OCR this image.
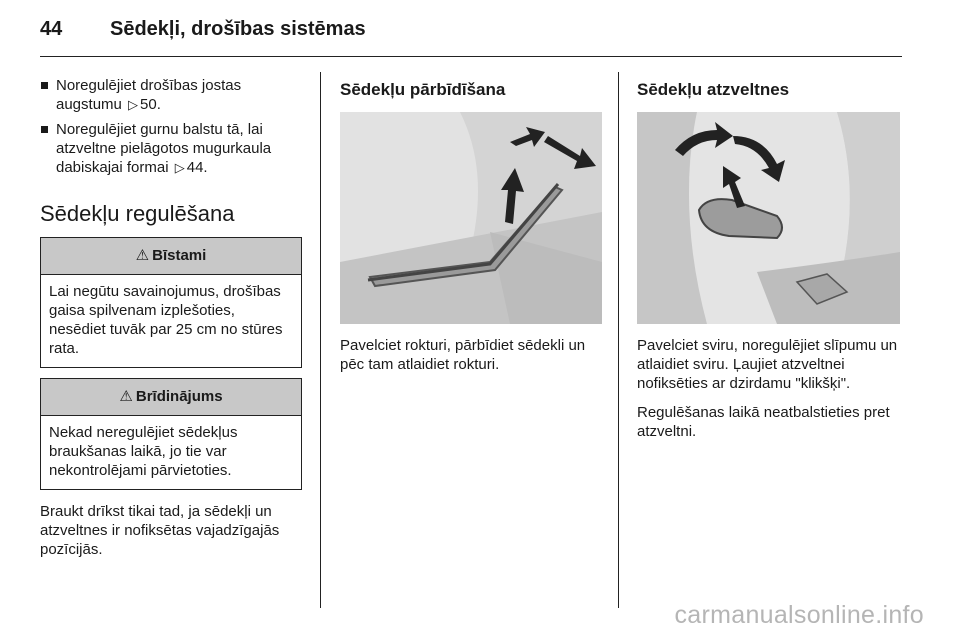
44 Sēdekļi, drošības sistēmas
Noregulējiet drošības jostas augstumu ▷ 50.
Noregulējiet gurnu balstu tā, lai atzveltne pielāgotos mugurkaula dabiskajai formai ▷ 44.
Sēdekļu regulēšana
⚠ Bīstami
Lai negūtu savainojumus, drošības gaisa spilvenam izplešoties, nesēdiet tuvāk par 25 cm no stūres rata.
⚠ Brīdinājums
Nekad neregulējiet sēdekļus braukšanas laikā, jo tie var nekontrolējami pārvietoties.

Braukt drīkst tikai tad, ja sēdekļi un atzveltnes ir nofiksētas vajadzīgajās pozīcijās.

Sēdekļu pārbīdīšana

Pavelciet rokturi, pārbīdiet sēdekli un pēc tam atlaidiet rokturi.

Sēdekļu atzveltnes

Pavelciet sviru, noregulējiet slīpumu un atlaidiet sviru. Ļaujiet atzveltnei nofiksēties ar dzirdamu "klikšķi".

Regulēšanas laikā neatbalstieties pret atzveltni.

carmanualsonline.info
